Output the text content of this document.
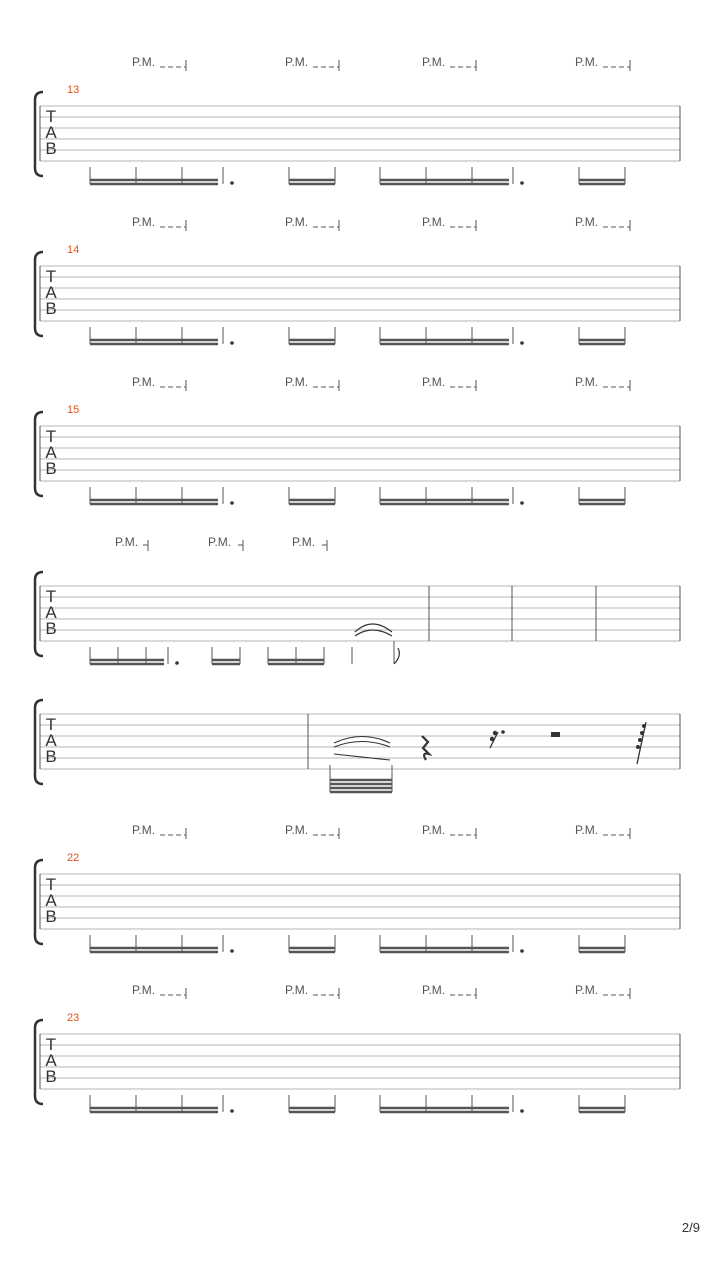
T
A
B
P.M.	P.M.	P.M.	P.M.
13
T
A
B
P.M.	P.M.	P.M.	P.M.
14
T
A
B
P.M.	P.M.	P.M.	P.M.
15
T
A
B
P.M.	P.M.	P.M.
T
A
B
T
A
B
P.M.	P.M.	P.M.	P.M.
22
T
A
B
P.M.	P.M.	P.M.	P.M.
23
2/9
